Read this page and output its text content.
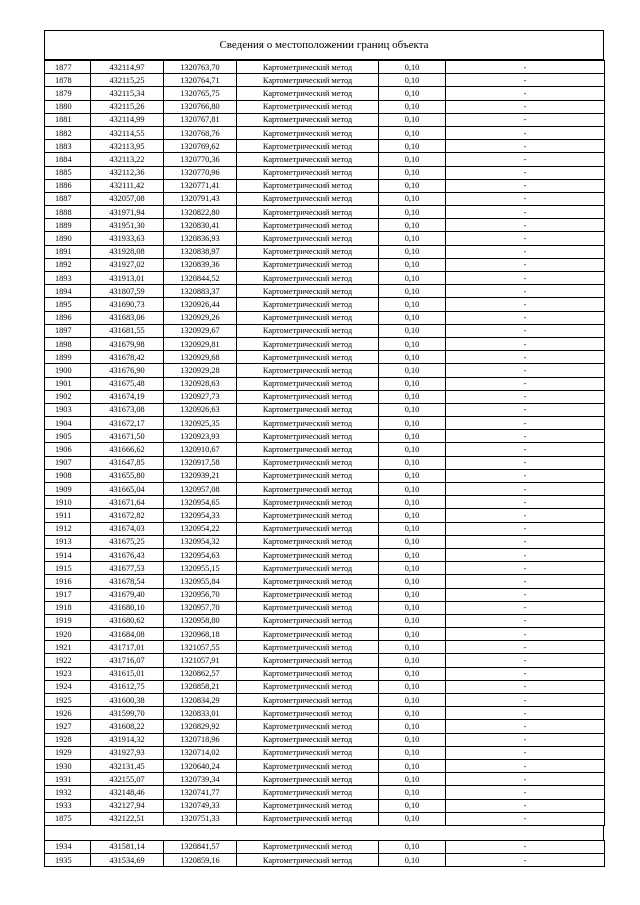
Сведения о местоположении границ объекта
1877	432114,97	1320763,70	Картометрический метод	0,10	-
1878	432115,25	1320764,71	Картометрический метод	0,10	-
1879	432115,34	1320765,75	Картометрический метод	0,10	-
1880	432115,26	1320766,80	Картометрический метод	0,10	-
1881	432114,99	1320767,81	Картометрический метод	0,10	-
1882	432114,55	1320768,76	Картометрический метод	0,10	-
1883	432113,95	1320769,62	Картометрический метод	0,10	-
1884	432113,22	1320770,36	Картометрический метод	0,10	-
1885	432112,36	1320770,96	Картометрический метод	0,10	-
1886	432111,42	1320771,41	Картометрический метод	0,10	-
1887	432057,08	1320791,43	Картометрический метод	0,10	-
1888	431971,94	1320822,80	Картометрический метод	0,10	-
1889	431951,30	1320830,41	Картометрический метод	0,10	-
1890	431933,63	1320836,93	Картометрический метод	0,10	-
1891	431928,08	1320838,97	Картометрический метод	0,10	-
1892	431927,02	1320839,36	Картометрический метод	0,10	-
1893	431913,01	1320844,52	Картометрический метод	0,10	-
1894	431807,59	1320883,37	Картометрический метод	0,10	-
1895	431690,73	1320926,44	Картометрический метод	0,10	-
1896	431683,06	1320929,26	Картометрический метод	0,10	-
1897	431681,55	1320929,67	Картометрический метод	0,10	-
1898	431679,98	1320929,81	Картометрический метод	0,10	-
1899	431678,42	1320929,68	Картометрический метод	0,10	-
1900	431676,90	1320929,28	Картометрический метод	0,10	-
1901	431675,48	1320928,63	Картометрический метод	0,10	-
1902	431674,19	1320927,73	Картометрический метод	0,10	-
1903	431673,08	1320926,63	Картометрический метод	0,10	-
1904	431672,17	1320925,35	Картометрический метод	0,10	-
1905	431671,50	1320923,93	Картометрический метод	0,10	-
1906	431666,62	1320910,67	Картометрический метод	0,10	-
1907	431647,85	1320917,58	Картометрический метод	0,10	-
1908	431655,80	1320939,21	Картометрический метод	0,10	-
1909	431665,04	1320957,08	Картометрический метод	0,10	-
1910	431671,64	1320954,65	Картометрический метод	0,10	-
1911	431672,82	1320954,33	Картометрический метод	0,10	-
1912	431674,03	1320954,22	Картометрический метод	0,10	-
1913	431675,25	1320954,32	Картометрический метод	0,10	-
1914	431676,43	1320954,63	Картометрический метод	0,10	-
1915	431677,53	1320955,15	Картометрический метод	0,10	-
1916	431678,54	1320955,84	Картометрический метод	0,10	-
1917	431679,40	1320956,70	Картометрический метод	0,10	-
1918	431680,10	1320957,70	Картометрический метод	0,10	-
1919	431680,62	1320958,80	Картометрический метод	0,10	-
1920	431684,08	1320968,18	Картометрический метод	0,10	-
1921	431717,01	1321057,55	Картометрический метод	0,10	-
1922	431716,07	1321057,91	Картометрический метод	0,10	-
1923	431615,01	1320862,57	Картометрический метод	0,10	-
1924	431612,75	1320858,21	Картометрический метод	0,10	-
1925	431600,38	1320834,29	Картометрический метод	0,10	-
1926	431599,70	1320833,01	Картометрический метод	0,10	-
1927	431608,22	1320829,92	Картометрический метод	0,10	-
1928	431914,32	1320718,96	Картометрический метод	0,10	-
1929	431927,93	1320714,02	Картометрический метод	0,10	-
1930	432131,45	1320640,24	Картометрический метод	0,10	-
1931	432155,07	1320739,34	Картометрический метод	0,10	-
1932	432148,46	1320741,77	Картометрический метод	0,10	-
1933	432127,94	1320749,33	Картометрический метод	0,10	-
1875	432122,51	1320751,33	Картометрический метод	0,10	-
1934	431581,14	1320841,57	Картометрический метод	0,10	-
1935	431534,69	1320859,16	Картометрический метод	0,10	-
